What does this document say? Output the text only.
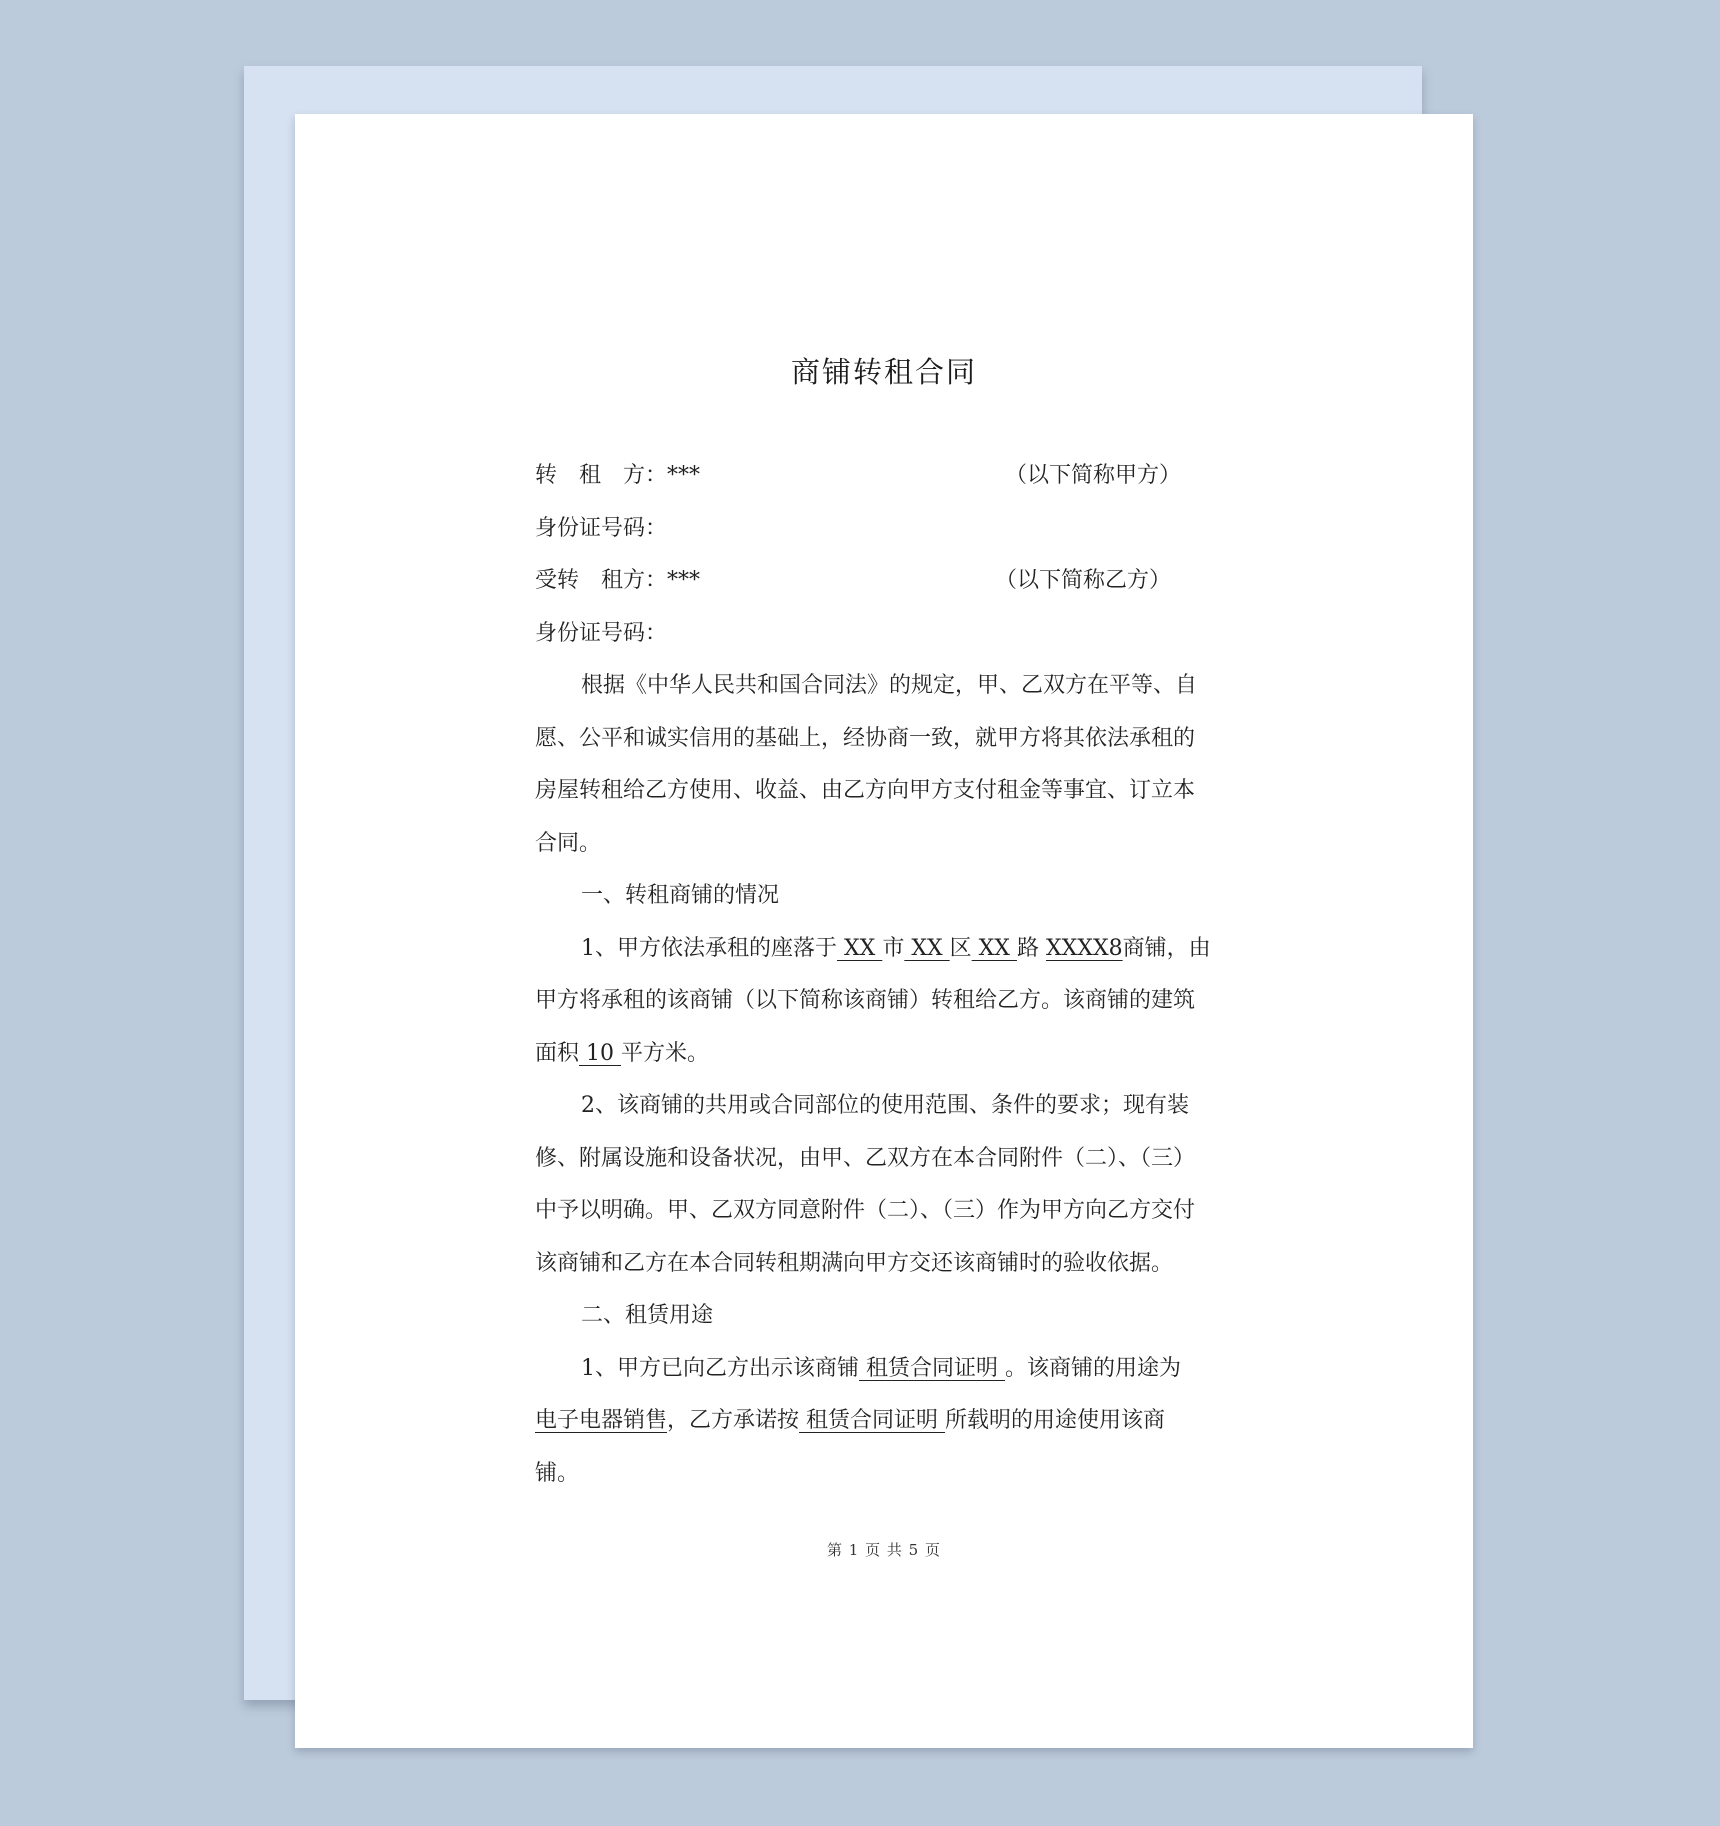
商铺转租合同
转　租　方：***	（以下简称甲方）
身份证号码：
受转　租方：***	（以下简称乙方）
身份证号码：
根据《中华人民共和国合同法》的规定，甲、乙双方在平等、自
愿、公平和诚实信用的基础上，经协商一致，就甲方将其依法承租的
房屋转租给乙方使用、收益、由乙方向甲方支付租金等事宜、订立本
合同。
一、转租商铺的情况
1、甲方依法承租的座落于 XX 市 XX 区 XX 路 XXXX8商铺，由
甲方将承租的该商铺（以下简称该商铺）转租给乙方。该商铺的建筑
面积 10 平方米。
2、该商铺的共用或合同部位的使用范围、条件的要求；现有装
修、附属设施和设备状况，由甲、乙双方在本合同附件（二）、（三）
中予以明确。甲、乙双方同意附件（二）、（三）作为甲方向乙方交付
该商铺和乙方在本合同转租期满向甲方交还该商铺时的验收依据。
二、租赁用途
1、甲方已向乙方出示该商铺 租赁合同证明 。该商铺的用途为
电子电器销售，乙方承诺按 租赁合同证明 所载明的用途使用该商
铺。
第 1 页 共 5 页
